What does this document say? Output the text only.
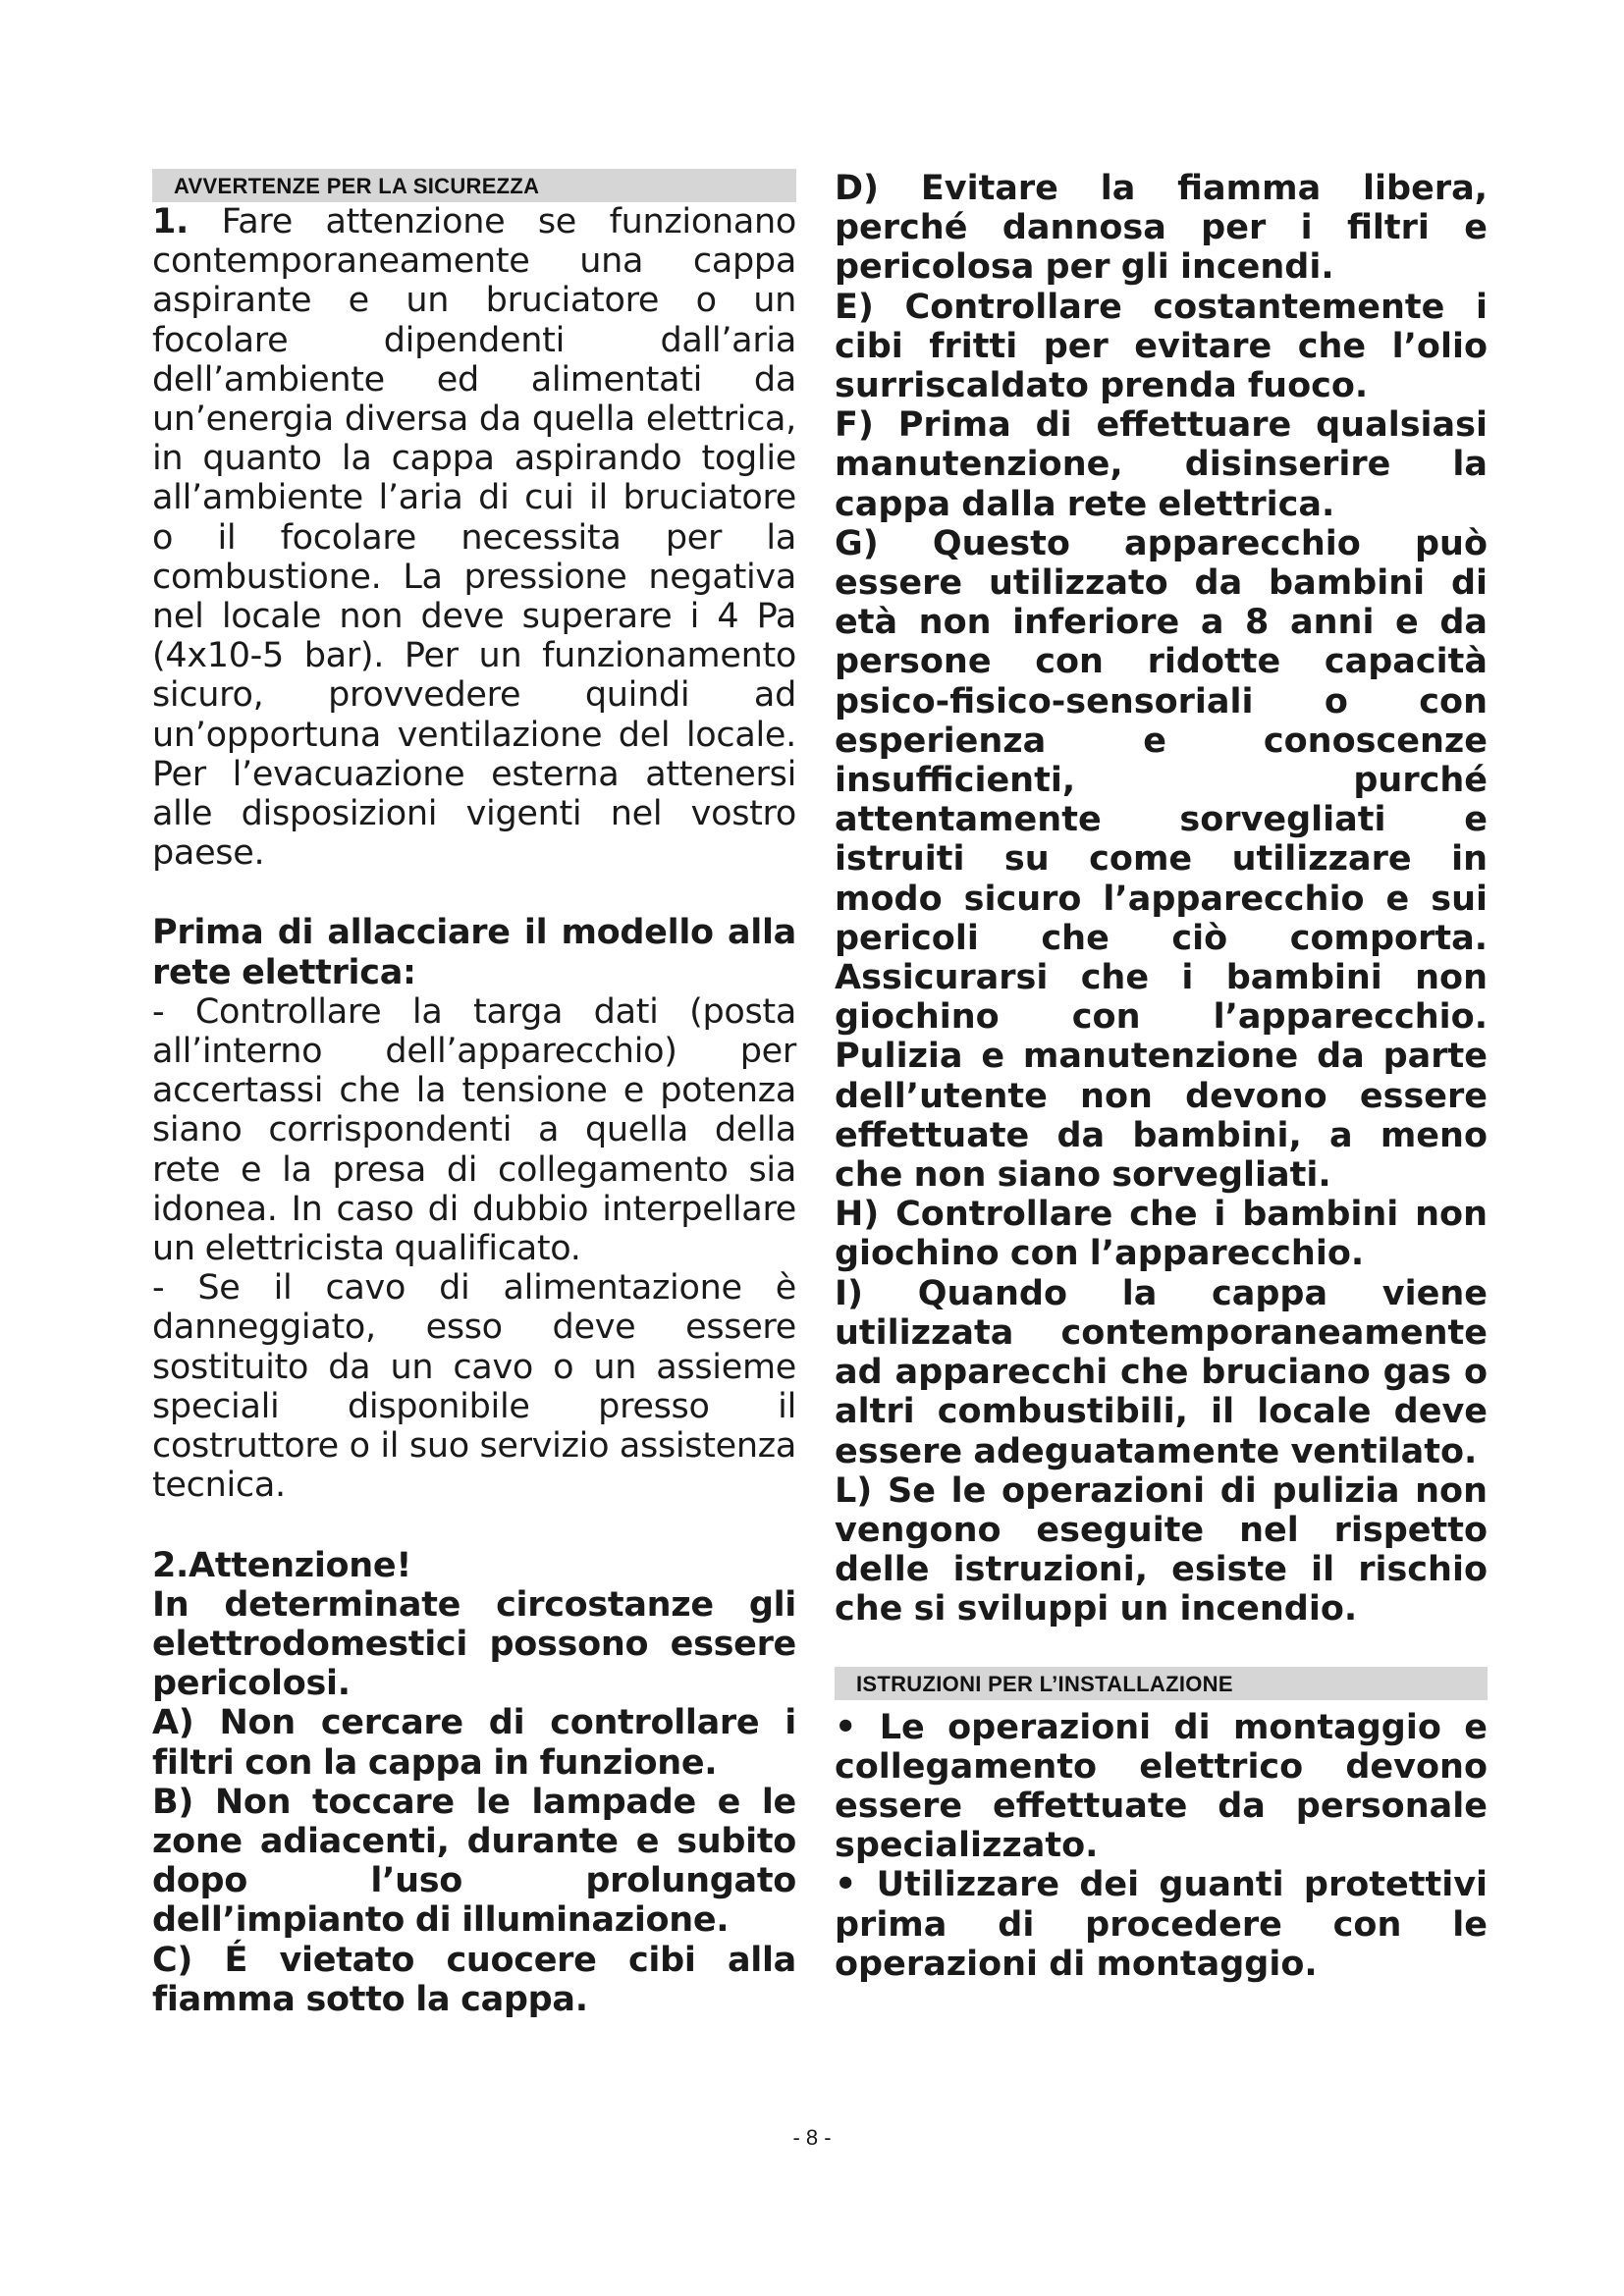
AVVERTENZE PER LA SICUREZZA

1. Fare attenzione se funzionano contemporaneamente una cappa aspirante e un bruciatore o un focolare dipendenti dall’aria dell’ambiente ed alimentati da un’energia diversa da quella elettrica, in quanto la cappa aspirando toglie all’ambiente l’aria di cui il bruciatore o il focolare necessita per la combustione. La pressione negativa nel locale non deve superare i 4 Pa (4x10-5 bar). Per un funzionamento sicuro, provvedere quindi ad un’opportuna ventilazione del locale. Per l’evacuazione esterna attenersi alle disposizioni vigenti nel vostro paese.

Prima di allacciare il modello alla rete elettrica:

- Controllare la targa dati (posta all’interno dell’apparecchio) per accertassi che la tensione e potenza siano corrispondenti a quella della rete e la presa di collegamento sia idonea. In caso di dubbio interpellare un elettricista qualificato.

- Se il cavo di alimentazione è danneggiato, esso deve essere sostituito da un cavo o un assieme speciali disponibile presso il costruttore o il suo servizio assistenza tecnica.

2.Attenzione!

In determinate circostanze gli elettrodomestici possono essere pericolosi.

A) Non cercare di controllare i filtri con la cappa in funzione.

B) Non toccare le lampade e le zone adiacenti, durante e subito dopo l’uso prolungato dell’impianto di illuminazione.

C) É vietato cuocere cibi alla fiamma sotto la cappa.

D) Evitare la fiamma libera, perché dannosa per i filtri e pericolosa per gli incendi.

E) Controllare costantemente i cibi fritti per evitare che l’olio surriscaldato prenda fuoco.

F) Prima di effettuare qualsiasi manutenzione, disinserire la cappa dalla rete elettrica.

G) Questo apparecchio può essere utilizzato da bambini di età non inferiore a 8 anni e da persone con ridotte capacità psico-fisico-sensoriali o con esperienza e conoscenze insufficienti, purché attentamente sorvegliati e istruiti su come utilizzare in modo sicuro l’apparecchio e sui pericoli che ciò comporta. Assicurarsi che i bambini non giochino con l’apparecchio. Pulizia e manutenzione da parte dell’utente non devono essere effettuate da bambini, a meno che non siano sorvegliati.

H) Controllare che i bambini non giochino con l’apparecchio.

I) Quando la cappa viene utilizzata contemporaneamente ad apparecchi che bruciano gas o altri combustibili, il locale deve essere adeguatamente ventilato.

L) Se le operazioni di pulizia non vengono eseguite nel rispetto delle istruzioni, esiste il rischio che si sviluppi un incendio.

ISTRUZIONI PER L’INSTALLAZIONE

• Le operazioni di montaggio e collegamento elettrico devono essere effettuate da personale specializzato.

• Utilizzare dei guanti protettivi prima di procedere con le operazioni di montaggio.

- 8 -
